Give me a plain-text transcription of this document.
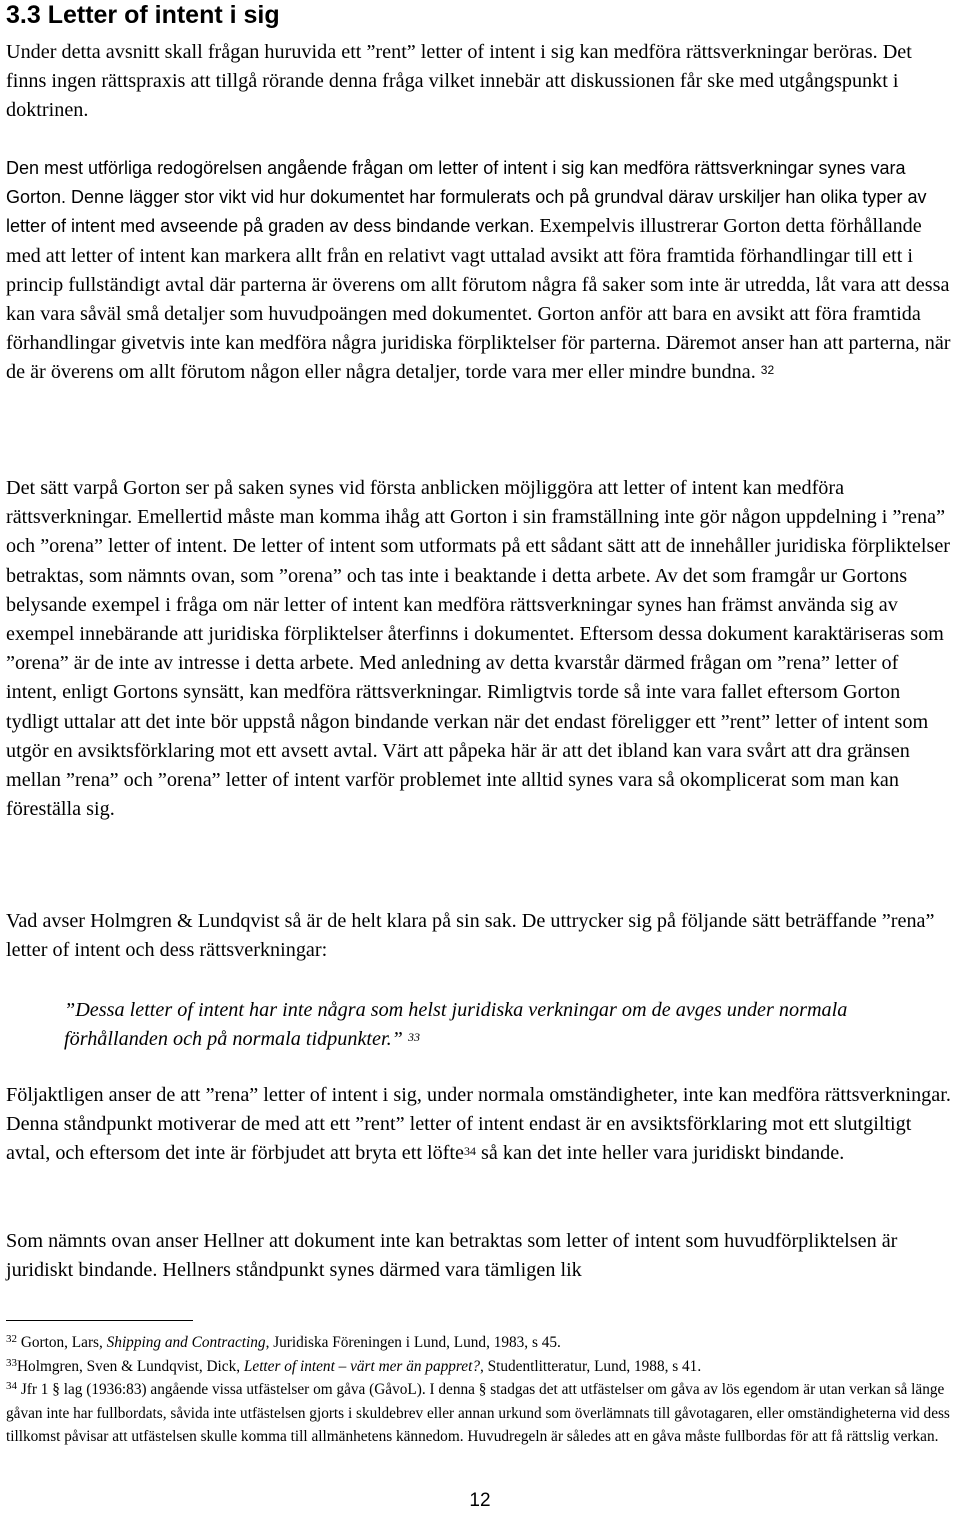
3.3 Letter of intent i sig

Under detta avsnitt skall frågan huruvida ett ”rent” letter of intent i sig kan medföra rättsverkningar beröras. Det finns ingen rättspraxis att tillgå rörande denna fråga vilket innebär att diskussionen får ske med utgångspunkt i doktrinen.

Den mest utförliga redogörelsen angående frågan om letter of intent i sig kan medföra rättsverkningar synes vara Gorton. Denne lägger stor vikt vid hur dokumentet har formulerats och på grundval därav urskiljer han olika typer av letter of intent med avseende på graden av dess bindande verkan. Exempelvis illustrerar Gorton detta förhållande med att letter of intent kan markera allt från en relativt vagt uttalad avsikt att föra framtida förhandlingar till ett i princip fullständigt avtal där parterna är överens om allt förutom några få saker som inte är utredda, låt vara att dessa kan vara såväl små detaljer som huvudpoängen med dokumentet. Gorton anför att bara en avsikt att föra framtida förhandlingar givetvis inte kan medföra några juridiska förpliktelser för parterna. Däremot anser han att parterna, när de är överens om allt förutom någon eller några detaljer, torde vara mer eller mindre bundna. $^{32}$

Det sätt varpå Gorton ser på saken synes vid första anblicken möjliggöra att letter of intent kan medföra rättsverkningar. Emellertid måste man komma ihåg att Gorton i sin framställning inte gör någon uppdelning i ”rena” och ”orena” letter of intent. De letter of intent som utformats på ett sådant sätt att de innehåller juridiska förpliktelser betraktas, som nämnts ovan, som ”orena” och tas inte i beaktande i detta arbete. Av det som framgår ur Gortons belysande exempel i fråga om när letter of intent kan medföra rättsverkningar synes han främst använda sig av exempel innebärande att juridiska förpliktelser återfinns i dokumentet. Eftersom dessa dokument karaktäriseras som ”orena” är de inte av intresse i detta arbete. Med anledning av detta kvarstår därmed frågan om ”rena” letter of intent, enligt Gortons synsätt, kan medföra rättsverkningar. Rimligtvis torde så inte vara fallet eftersom Gorton tydligt uttalar att det inte bör uppstå någon bindande verkan när det endast föreligger ett ”rent” letter of intent som utgör en avsiktsförklaring mot ett avsett avtal. Värt att påpeka här är att det ibland kan vara svårt att dra gränsen mellan ”rena” och ”orena” letter of intent varför problemet inte alltid synes vara så okomplicerat som man kan föreställa sig.

Vad avser Holmgren & Lundqvist så är de helt klara på sin sak. De uttrycker sig på följande sätt beträffande ”rena” letter of intent och dess rättsverkningar:

”Dessa letter of intent har inte några som helst juridiska verkningar om de avges under normala förhållanden och på normala tidpunkter.” $^{33}$

Följaktligen anser de att ”rena” letter of intent i sig, under normala omständigheter, inte kan medföra rättsverkningar. Denna ståndpunkt motiverar de med att ett ”rent” letter of intent endast är en avsiktsförklaring mot ett slutgiltigt avtal, och eftersom det inte är förbjudet att bryta ett löfte$^{34}$ så kan det inte heller vara juridiskt bindande.

Som nämnts ovan anser Hellner att dokument inte kan betraktas som letter of intent som huvudförpliktelsen är juridiskt bindande. Hellners ståndpunkt synes därmed vara tämligen lik

$^{32}$ Gorton, Lars, Shipping and Contracting, Juridiska Föreningen i Lund, Lund, 1983, s 45.

$^{33}$Holmgren, Sven & Lundqvist, Dick, Letter of intent – värt mer än pappret?, Studentlitteratur, Lund, 1988, s 41.

$^{34}$ Jfr 1 § lag (1936:83) angående vissa utfästelser om gåva (GåvoL). I denna § stadgas det att utfästelser om gåva av lös egendom är utan verkan så länge gåvan inte har fullbordats, såvida inte utfästelsen gjorts i skuldebrev eller annan urkund som överlämnats till gåvotagaren, eller omständigheterna vid dess tillkomst påvisar att utfästelsen skulle komma till allmänhetens kännedom. Huvudregeln är således att en gåva måste fullbordas för att få rättslig verkan.

12
